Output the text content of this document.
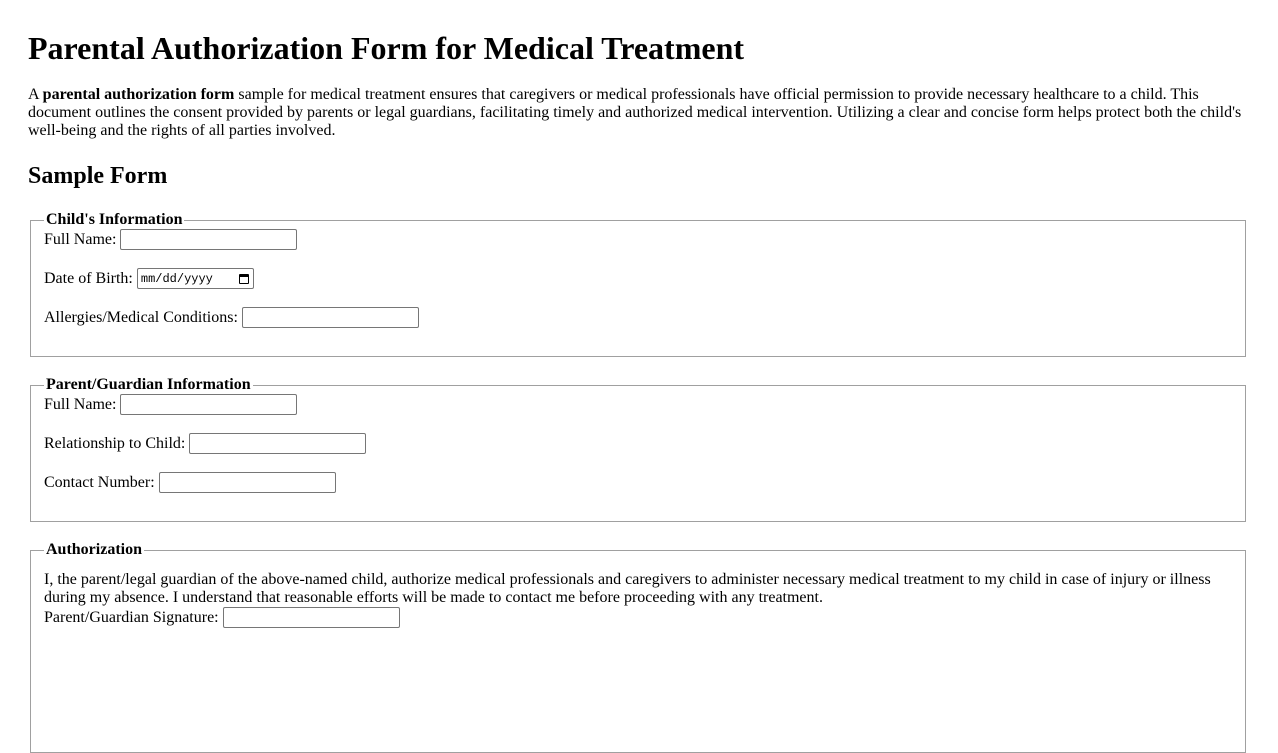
Parental Authorization Form for Medical Treatment

A parental authorization form sample for medical treatment ensures that caregivers or medical professionals have official permission to provide necessary healthcare to a child. This document outlines the consent provided by parents or legal guardians, facilitating timely and authorized medical intervention. Utilizing a clear and concise form helps protect both the child's well-being and the rights of all parties involved.

Sample Form
Child's Information
Full Name:
Date of Birth: mm/dd/yyyy
Allergies/Medical Conditions:
Parent/Guardian Information
Full Name:
Relationship to Child:
Contact Number:
Authorization

I, the parent/legal guardian of the above-named child, authorize medical professionals and caregivers to administer necessary medical treatment to my child in case of injury or illness during my absence. I understand that reasonable efforts will be made to contact me before proceeding with any treatment.

Parent/Guardian Signature:
